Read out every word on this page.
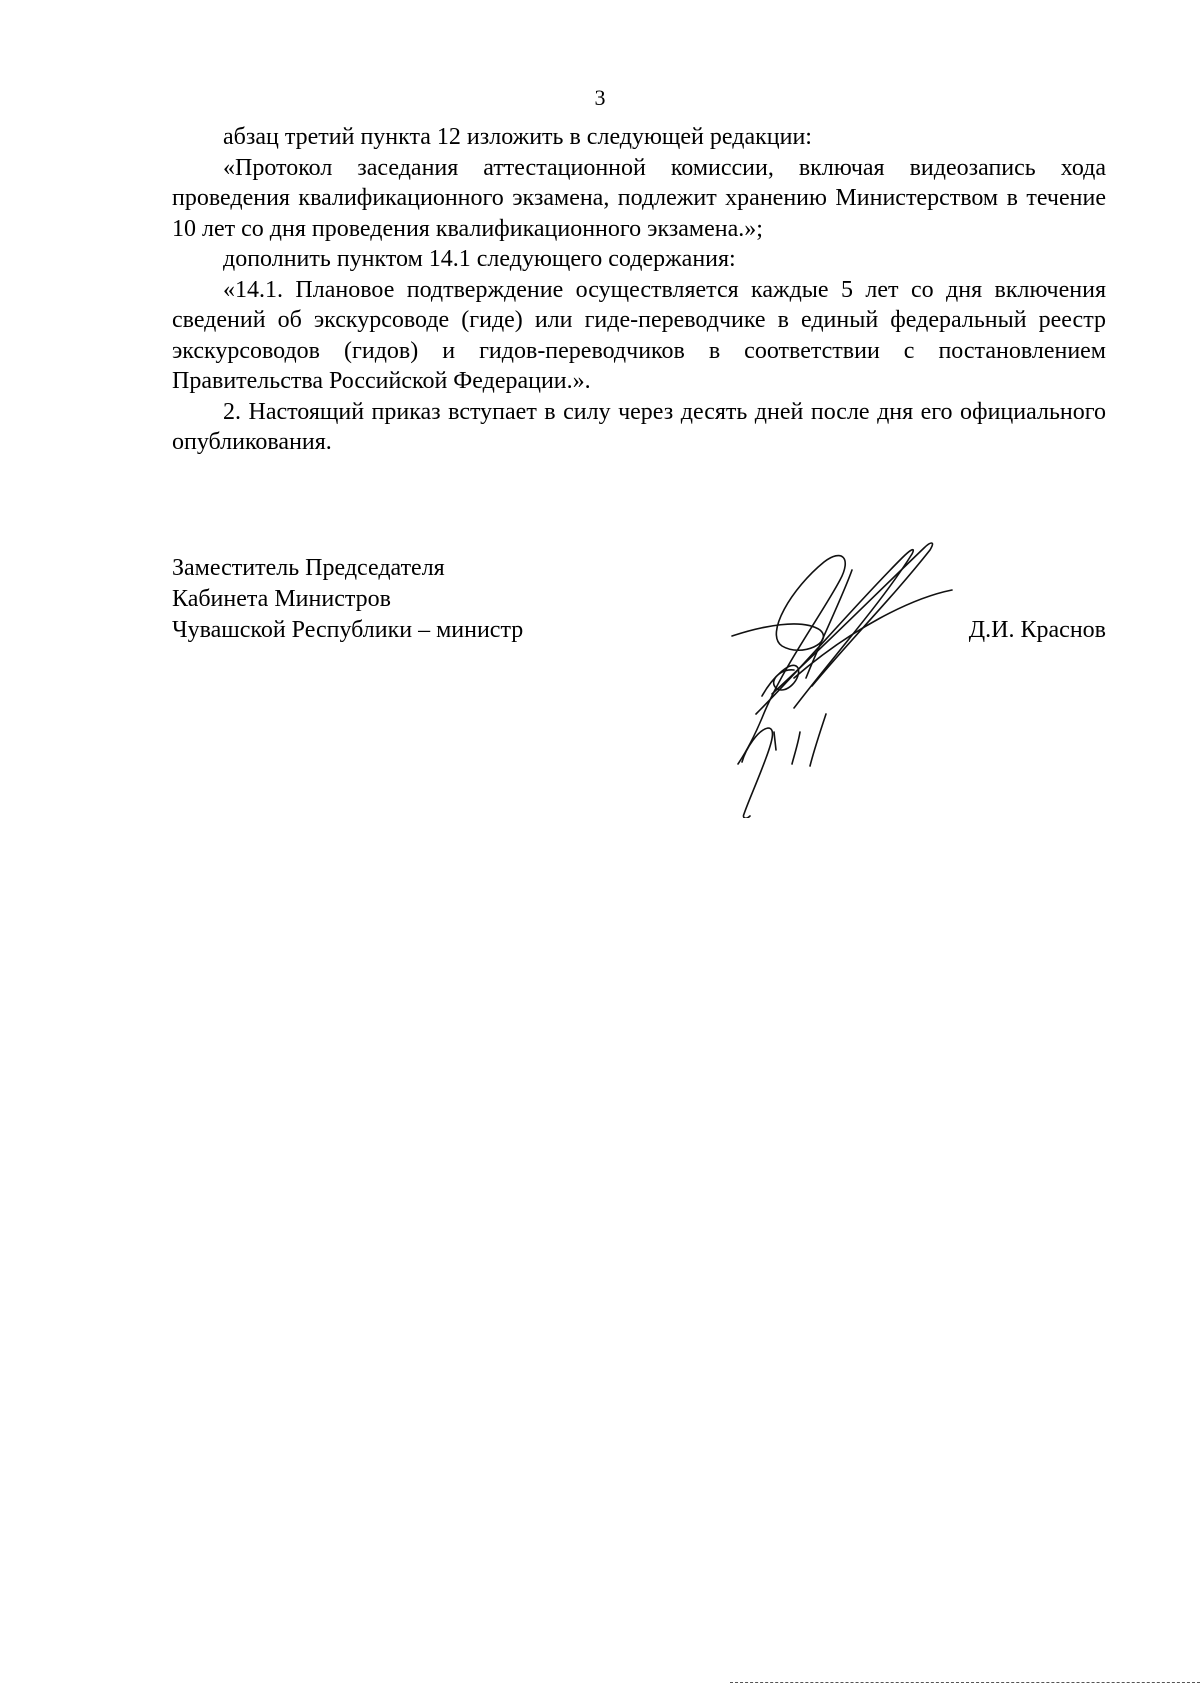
3

абзац третий пункта 12 изложить в следующей редакции:

«Протокол заседания аттестационной комиссии, включая видеозапись хода проведения квалификационного экзамена, подлежит хранению Министерством в течение 10 лет со дня проведения квалификационного экзамена.»;

дополнить пунктом 14.1 следующего содержания:

«14.1. Плановое подтверждение осуществляется каждые 5 лет со дня включения сведений об экскурсоводе (гиде) или гиде-переводчике в единый федеральный реестр экскурсоводов (гидов) и гидов-переводчиков в соответствии с постановлением Правительства Российской Федерации.».

2. Настоящий приказ вступает в силу через десять дней после дня его официального опубликования.

Заместитель Председателя
Кабинета Министров
Чувашской Республики – министр	Д.И. Краснов
